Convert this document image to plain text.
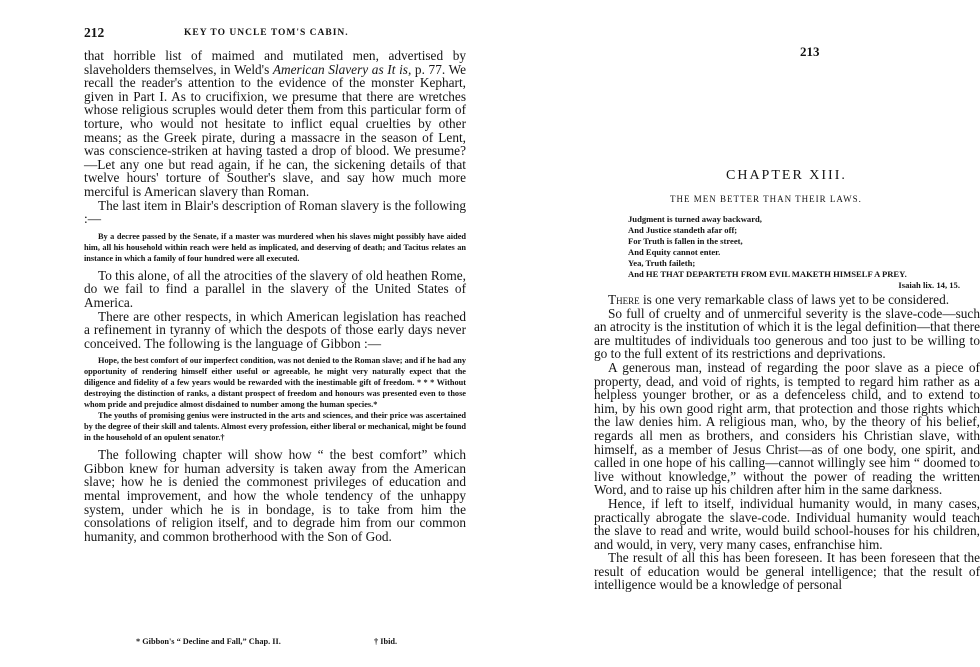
212	KEY TO UNCLE TOM'S CABIN.

that horrible list of maimed and mutilated men, advertised by slaveholders themselves, in Weld's American Slavery as It is, p. 77. We recall the reader's attention to the evidence of the monster Kephart, given in Part I. As to crucifixion, we presume that there are wretches whose religious scruples would deter them from this particular form of torture, who would not hesitate to inflict equal cruelties by other means; as the Greek pirate, during a massacre in the season of Lent, was conscience-striken at having tasted a drop of blood. We presume?—Let any one but read again, if he can, the sickening details of that twelve hours' torture of Souther's slave, and say how much more merciful is American slavery than Roman.

The last item in Blair's description of Roman slavery is the following :—

By a decree passed by the Senate, if a master was murdered when his slaves might possibly have aided him, all his household within reach were held as implicated, and deserving of death; and Tacitus relates an instance in which a family of four hundred were all executed.

To this alone, of all the atrocities of the slavery of old heathen Rome, do we fail to find a parallel in the slavery of the United States of America.

There are other respects, in which American legislation has reached a refinement in tyranny of which the despots of those early days never conceived. The following is the language of Gibbon :—

Hope, the best comfort of our imperfect condition, was not denied to the Roman slave; and if he had any opportunity of rendering himself either useful or agreeable, he might very naturally expect that the diligence and fidelity of a few years would be rewarded with the inestimable gift of freedom. * * * Without destroying the distinction of ranks, a distant prospect of freedom and honours was presented even to those whom pride and prejudice almost disdained to number among the human species.*

The youths of promising genius were instructed in the arts and sciences, and their price was ascertained by the degree of their skill and talents. Almost every profession, either liberal or mechanical, might be found in the household of an opulent senator.†

The following chapter will show how “ the best comfort” which Gibbon knew for human adversity is taken away from the American slave; how he is denied the commonest privileges of education and mental improvement, and how the whole tendency of the unhappy system, under which he is in bondage, is to take from him the consolations of religion itself, and to degrade him from our common humanity, and common brotherhood with the Son of God.

* Gibbon's “ Decline and Fall,” Chap. II.	† Ibid.
213
CHAPTER XIII.
THE MEN BETTER THAN THEIR LAWS.
Judgment is turned away backward,
And Justice standeth afar off;
For Truth is fallen in the street,
And Equity cannot enter.
Yea, Truth faileth;
And HE THAT DEPARTETH FROM EVIL MAKETH HIMSELF A PREY.
Isaiah lix. 14, 15.

There is one very remarkable class of laws yet to be considered.

So full of cruelty and of unmerciful severity is the slave-code—such an atrocity is the institution of which it is the legal definition—that there are multitudes of individuals too generous and too just to be willing to go to the full extent of its restrictions and deprivations.

A generous man, instead of regarding the poor slave as a piece of property, dead, and void of rights, is tempted to regard him rather as a helpless younger brother, or as a defenceless child, and to extend to him, by his own good right arm, that protection and those rights which the law denies him. A religious man, who, by the theory of his belief, regards all men as brothers, and considers his Christian slave, with himself, as a member of Jesus Christ—as of one body, one spirit, and called in one hope of his calling—cannot willingly see him “ doomed to live without knowledge,” without the power of reading the written Word, and to raise up his children after him in the same darkness.

Hence, if left to itself, individual humanity would, in many cases, practically abrogate the slave-code. Individual humanity would teach the slave to read and write, would build school-houses for his children, and would, in very, very many cases, enfranchise him.

The result of all this has been foreseen. It has been foreseen that the result of education would be general intelligence; that the result of intelligence would be a knowledge of personal
